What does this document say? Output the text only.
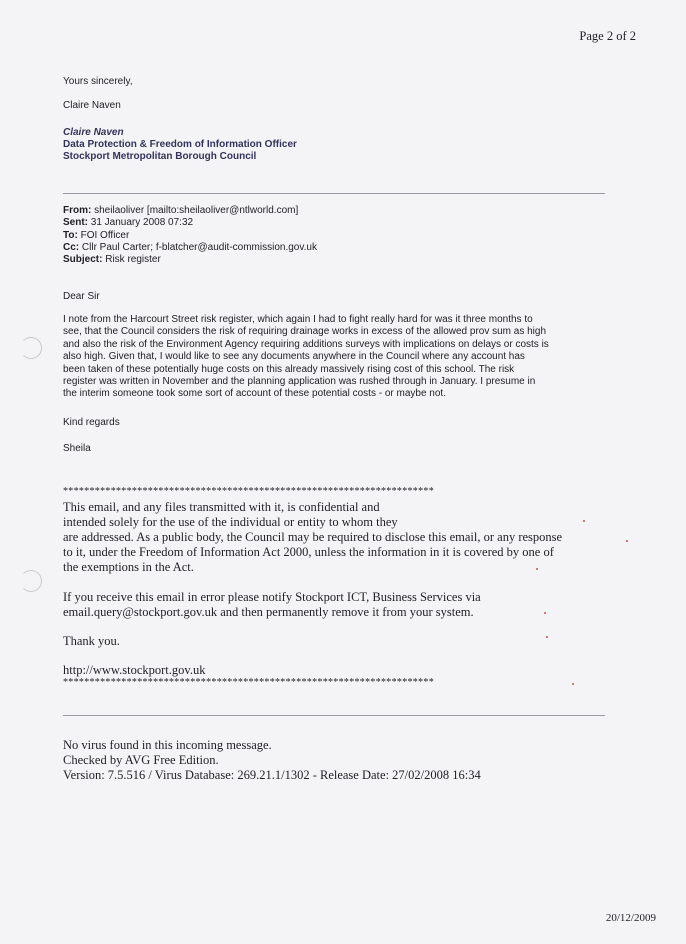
Page 2 of 2
Yours sincerely,
Claire Naven
Claire Naven
Data Protection & Freedom of Information Officer
Stockport Metropolitan Borough Council
From: sheilaoliver [mailto:sheilaoliver@ntlworld.com]
Sent: 31 January 2008 07:32
To: FOI Officer
Cc: Cllr Paul Carter; f-blatcher@audit-commission.gov.uk
Subject: Risk register
Dear Sir
I note from the Harcourt Street risk register, which again I had to fight really hard for was it three months to
see, that the Council considers the risk of requiring drainage works in excess of the allowed prov sum as high
and also the risk of the Environment Agency requiring additions surveys with implications on delays or costs is
also high. Given that, I would like to see any documents anywhere in the Council where any account has
been taken of these potentially huge costs on this already massively rising cost of this school. The risk
register was written in November and the planning application was rushed through in January. I presume in
the interim someone took some sort of account of these potential costs - or maybe not.
Kind regards
Sheila
**********************************************************************
This email, and any files transmitted with it, is confidential and
intended solely for the use of the individual or entity to whom they
are addressed. As a public body, the Council may be required to disclose this email, or any response
to it, under the Freedom of Information Act 2000, unless the information in it is covered by one of
the exemptions in the Act.
If you receive this email in error please notify Stockport ICT, Business Services via
email.query@stockport.gov.uk and then permanently remove it from your system.
Thank you.
http://www.stockport.gov.uk
**********************************************************************
No virus found in this incoming message.
Checked by AVG Free Edition.
Version: 7.5.516 / Virus Database: 269.21.1/1302 - Release Date: 27/02/2008 16:34
20/12/2009
